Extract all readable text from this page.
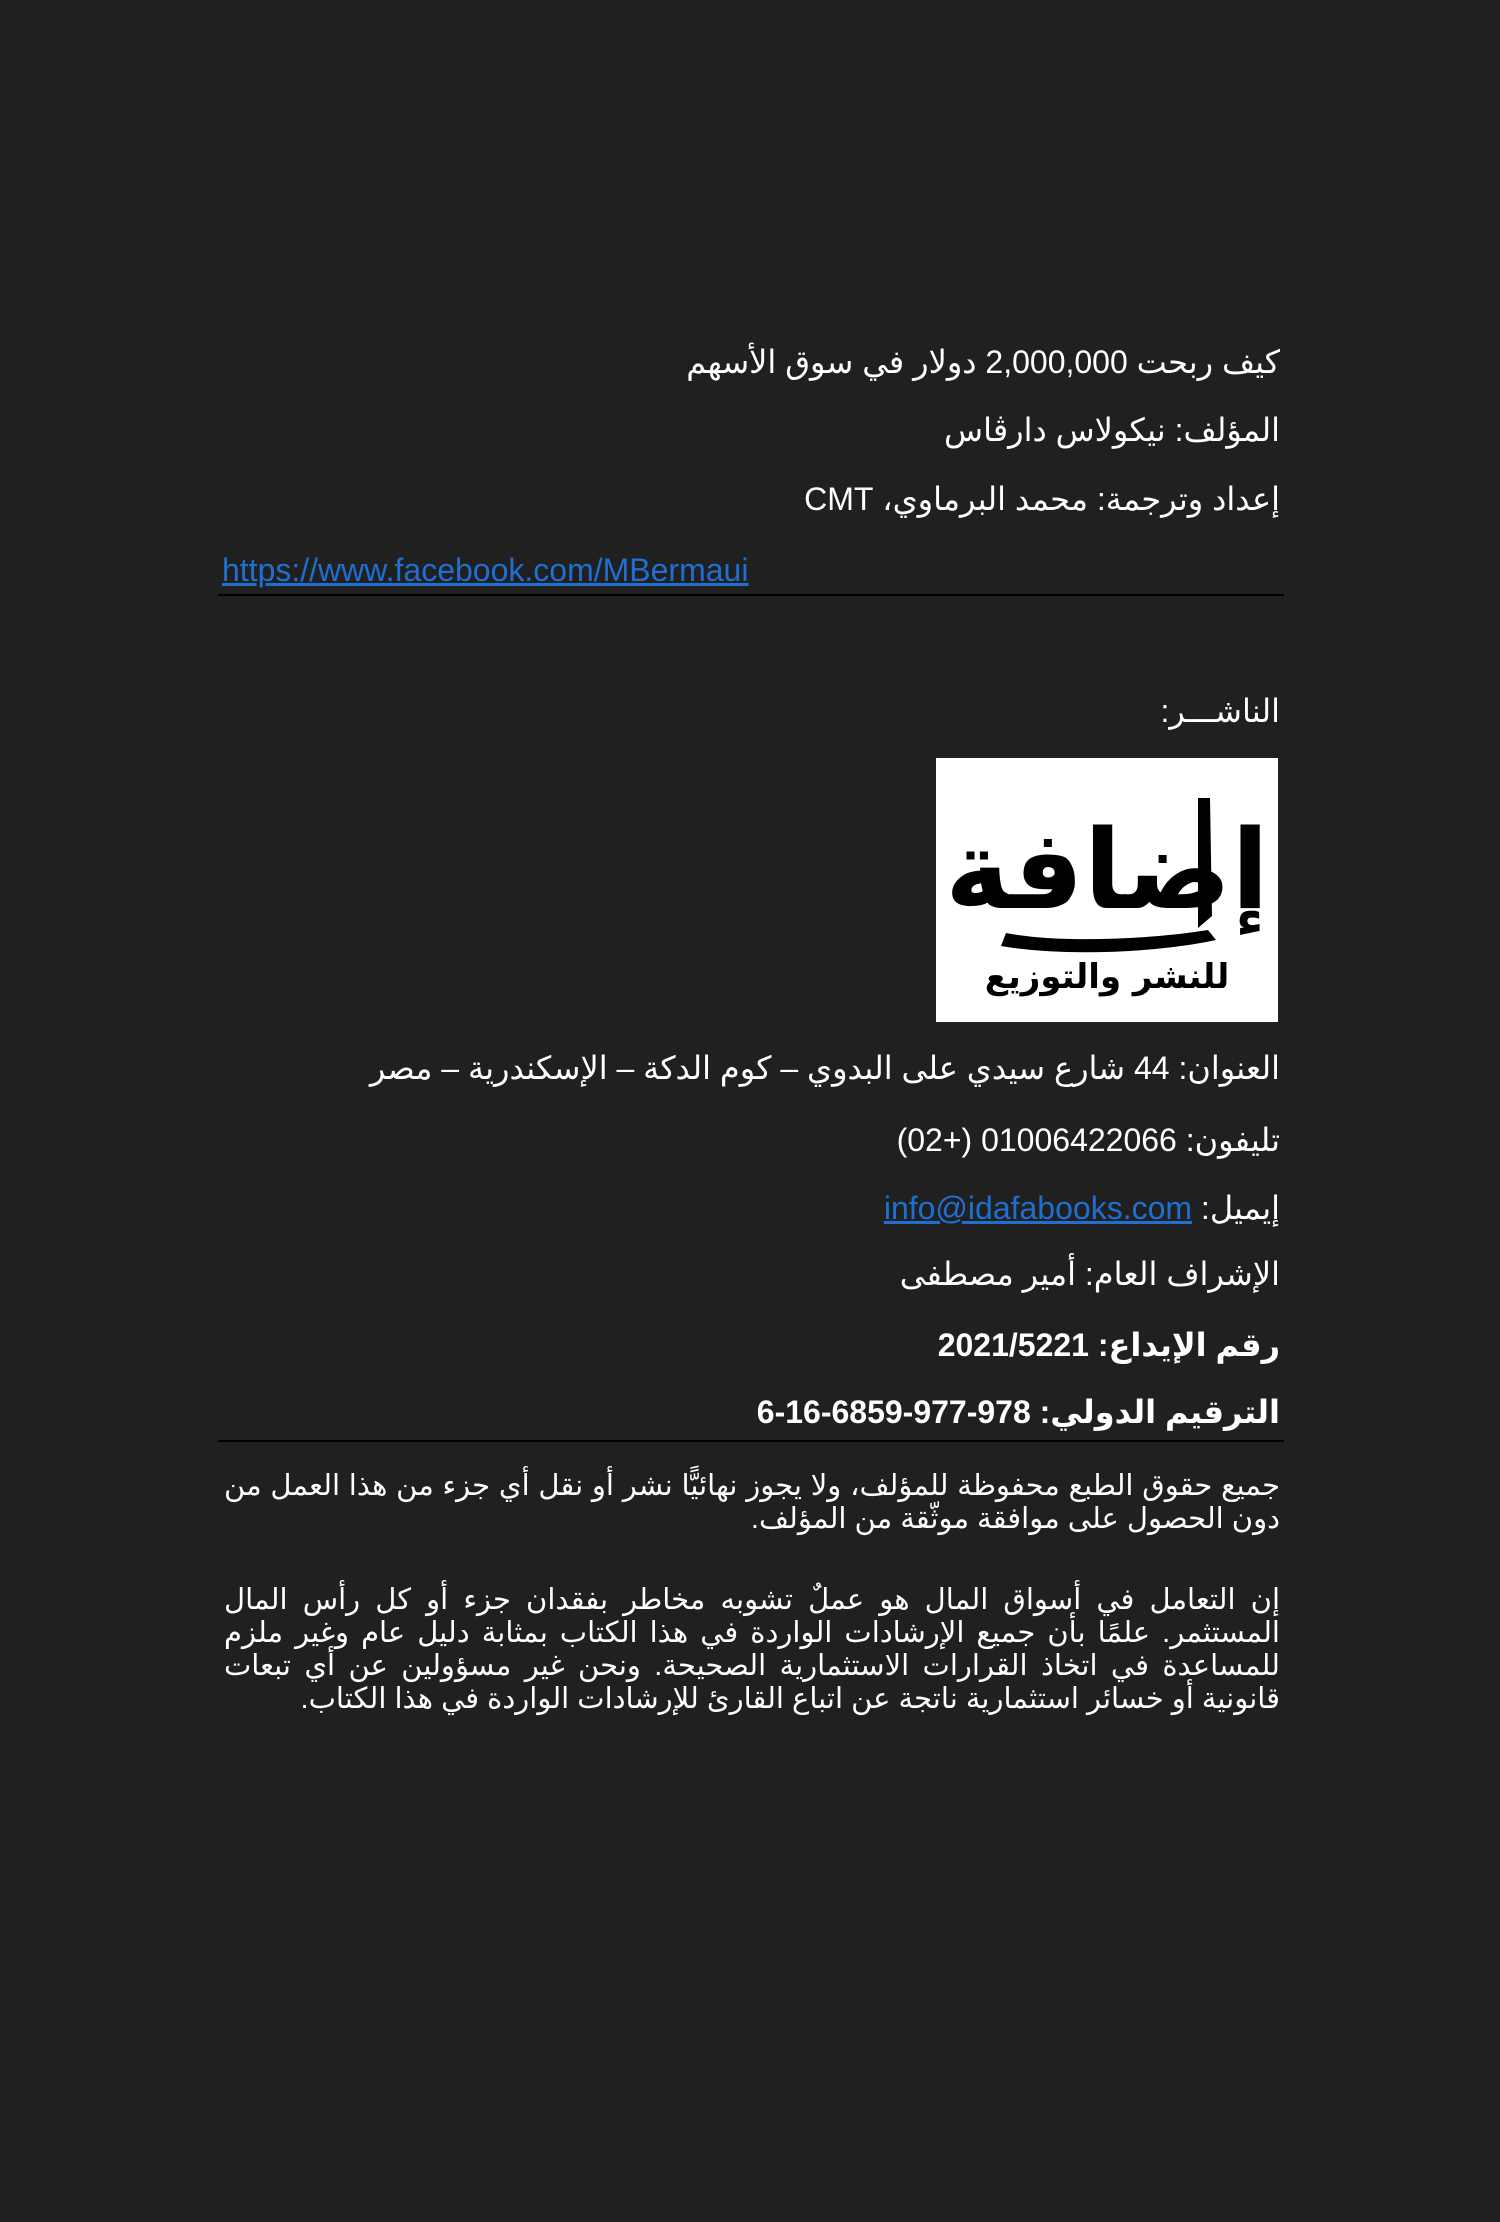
كيف ربحت 2,000,000 دولار في سوق الأسهم
المؤلف: نيكولاس دارڤاس
إعداد وترجمة: محمد البرماوي، CMT
https://www.facebook.com/MBermaui
الناشـــر:
إضافة
للنشر والتوزيع
العنوان: 44 شارع سيدي على البدوي – كوم الدكة – الإسكندرية – مصر
تليفون: (02+) 01006422066
إيميل: info@idafabooks.com
الإشراف العام: أمير مصطفى
رقم الإيداع: 2021/5221
الترقيم الدولي: 978-977-6859-16-6
جميع حقوق الطبع محفوظة للمؤلف، ولا يجوز نهائيًّا نشر أو نقل أي جزء من هذا العمل من دون الحصول على موافقة موثّقة من المؤلف.
إن التعامل في أسواق المال هو عملٌ تشوبه مخاطر بفقدان جزء أو كل رأس المال المستثمر. علمًا بأن جميع الإرشادات الواردة في هذا الكتاب بمثابة دليل عام وغير ملزم للمساعدة في اتخاذ القرارات الاستثمارية الصحيحة. ونحن غير مسؤولين عن أي تبعات قانونية أو خسائر استثمارية ناتجة عن اتباع القارئ للإرشادات الواردة في هذا الكتاب.
